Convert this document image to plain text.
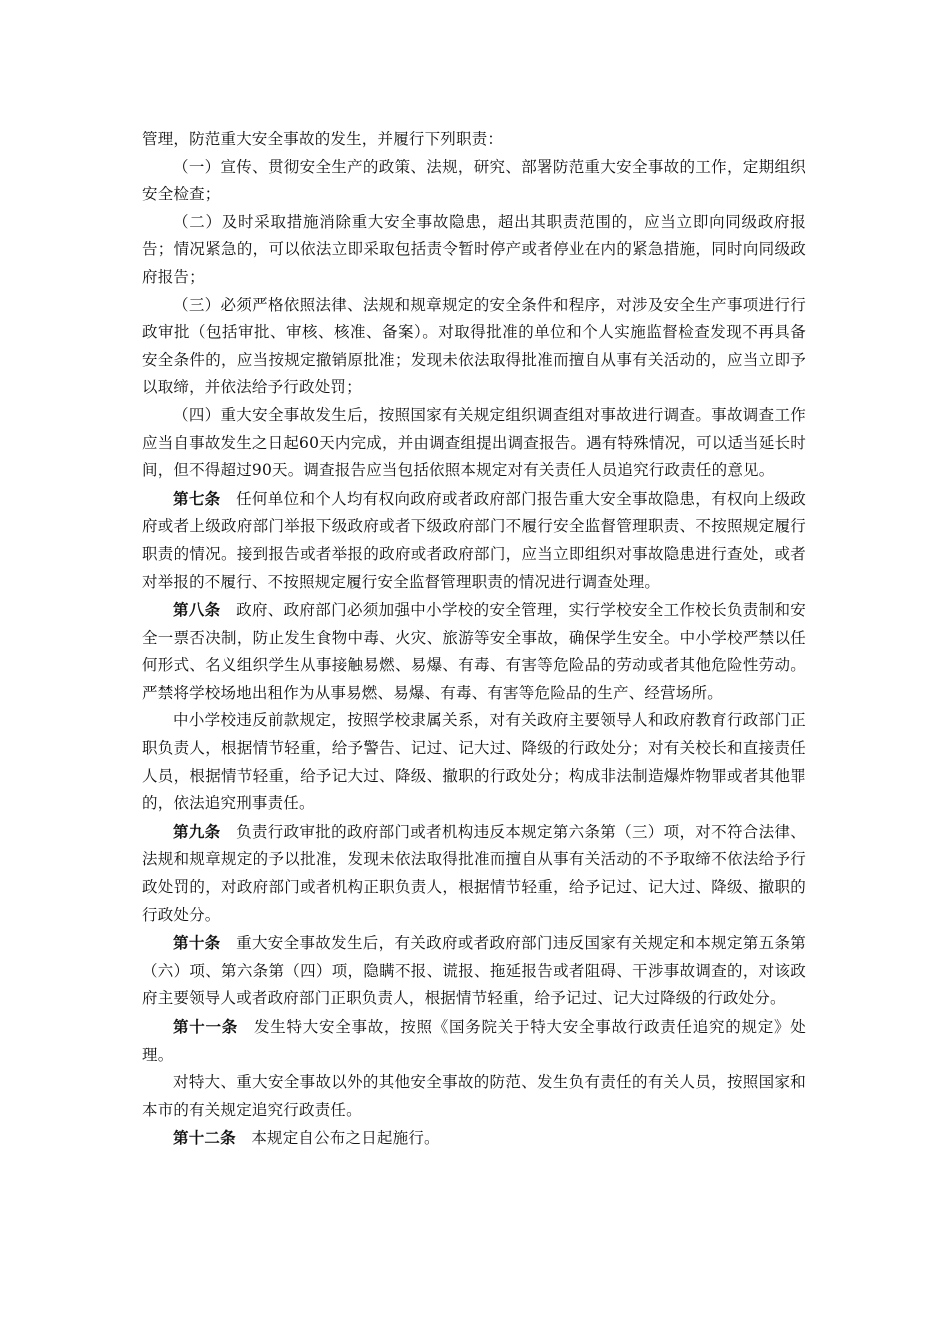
管理，防范重大安全事故的发生，并履行下列职责：

（一）宣传、贯彻安全生产的政策、法规，研究、部署防范重大安全事故的工作，定期组织安全检查；

（二）及时采取措施消除重大安全事故隐患，超出其职责范围的，应当立即向同级政府报告；情况紧急的，可以依法立即采取包括责令暂时停产或者停业在内的紧急措施，同时向同级政府报告；

（三）必须严格依照法律、法规和规章规定的安全条件和程序，对涉及安全生产事项进行行政审批（包括审批、审核、核准、备案）。对取得批准的单位和个人实施监督检查发现不再具备安全条件的，应当按规定撤销原批准；发现未依法取得批准而擅自从事有关活动的，应当立即予以取缔，并依法给予行政处罚；

（四）重大安全事故发生后，按照国家有关规定组织调查组对事故进行调查。事故调查工作应当自事故发生之日起60天内完成，并由调查组提出调查报告。遇有特殊情况，可以适当延长时间，但不得超过90天。调查报告应当包括依照本规定对有关责任人员追究行政责任的意见。

第七条 任何单位和个人均有权向政府或者政府部门报告重大安全事故隐患，有权向上级政府或者上级政府部门举报下级政府或者下级政府部门不履行安全监督管理职责、不按照规定履行职责的情况。接到报告或者举报的政府或者政府部门，应当立即组织对事故隐患进行查处，或者对举报的不履行、不按照规定履行安全监督管理职责的情况进行调查处理。

第八条 政府、政府部门必须加强中小学校的安全管理，实行学校安全工作校长负责制和安全一票否决制，防止发生食物中毒、火灾、旅游等安全事故，确保学生安全。中小学校严禁以任何形式、名义组织学生从事接触易燃、易爆、有毒、有害等危险品的劳动或者其他危险性劳动。严禁将学校场地出租作为从事易燃、易爆、有毒、有害等危险品的生产、经营场所。

中小学校违反前款规定，按照学校隶属关系，对有关政府主要领导人和政府教育行政部门正职负责人，根据情节轻重，给予警告、记过、记大过、降级的行政处分；对有关校长和直接责任人员，根据情节轻重，给予记大过、降级、撤职的行政处分；构成非法制造爆炸物罪或者其他罪的，依法追究刑事责任。

第九条 负责行政审批的政府部门或者机构违反本规定第六条第（三）项，对不符合法律、法规和规章规定的予以批准，发现未依法取得批准而擅自从事有关活动的不予取缔不依法给予行政处罚的，对政府部门或者机构正职负责人，根据情节轻重，给予记过、记大过、降级、撤职的行政处分。

第十条 重大安全事故发生后，有关政府或者政府部门违反国家有关规定和本规定第五条第（六）项、第六条第（四）项，隐瞒不报、谎报、拖延报告或者阻碍、干涉事故调查的，对该政府主要领导人或者政府部门正职负责人，根据情节轻重，给予记过、记大过降级的行政处分。

第十一条 发生特大安全事故，按照《国务院关于特大安全事故行政责任追究的规定》处理。

对特大、重大安全事故以外的其他安全事故的防范、发生负有责任的有关人员，按照国家和本市的有关规定追究行政责任。

第十二条 本规定自公布之日起施行。
